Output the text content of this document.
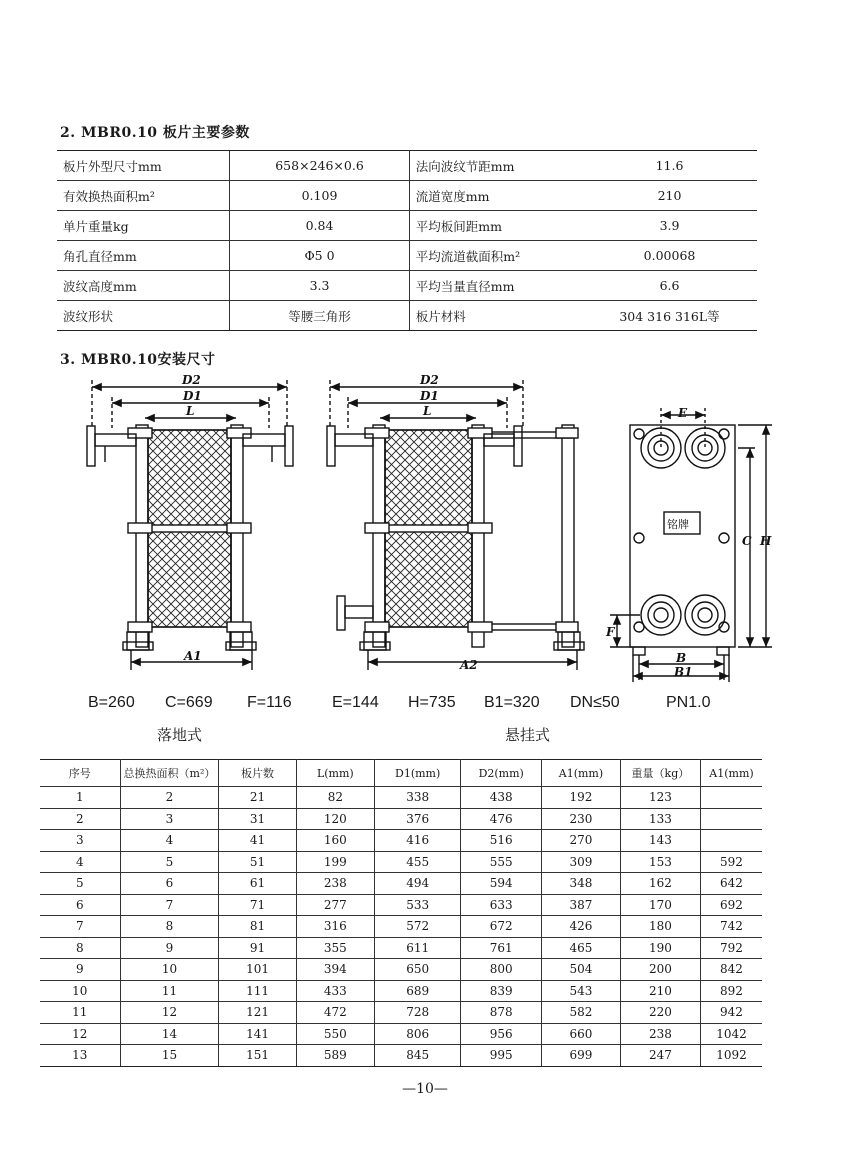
2. MBR0.10 板片主要参数
板片外型尺寸mm	658×246×0.6	法向波纹节距mm	11.6
有效换热面积m²	0.109	流道宽度mm	210
单片重量kg	0.84	平均板间距mm	3.9
角孔直径mm	Φ5 0	平均流道截面积m²	0.00068
波纹高度mm	3.3	平均当量直径mm	6.6
波纹形状	等腰三角形	板片材料	304 316 316L等
3. MBR0.10安装尺寸
D2
D1
L
A1
D2
D1
L
A2
E
C H
F
B
B1
铭牌
B=260 C=669 F=116	E=144 H=735 B1=320 DN≤50	PN1.0
落地式	悬挂式
序号	总换热面积（m²）	板片数	L(mm)	D1(mm)	D2(mm)	A1(mm)	重量（kg）	A1(mm)
1	2	21	82	338	438	192	123	
2	3	31	120	376	476	230	133	
3	4	41	160	416	516	270	143	
4	5	51	199	455	555	309	153	592
5	6	61	238	494	594	348	162	642
6	7	71	277	533	633	387	170	692
7	8	81	316	572	672	426	180	742
8	9	91	355	611	761	465	190	792
9	10	101	394	650	800	504	200	842
10	11	111	433	689	839	543	210	892
11	12	121	472	728	878	582	220	942
12	14	141	550	806	956	660	238	1042
13	15	151	589	845	995	699	247	1092
—10—
